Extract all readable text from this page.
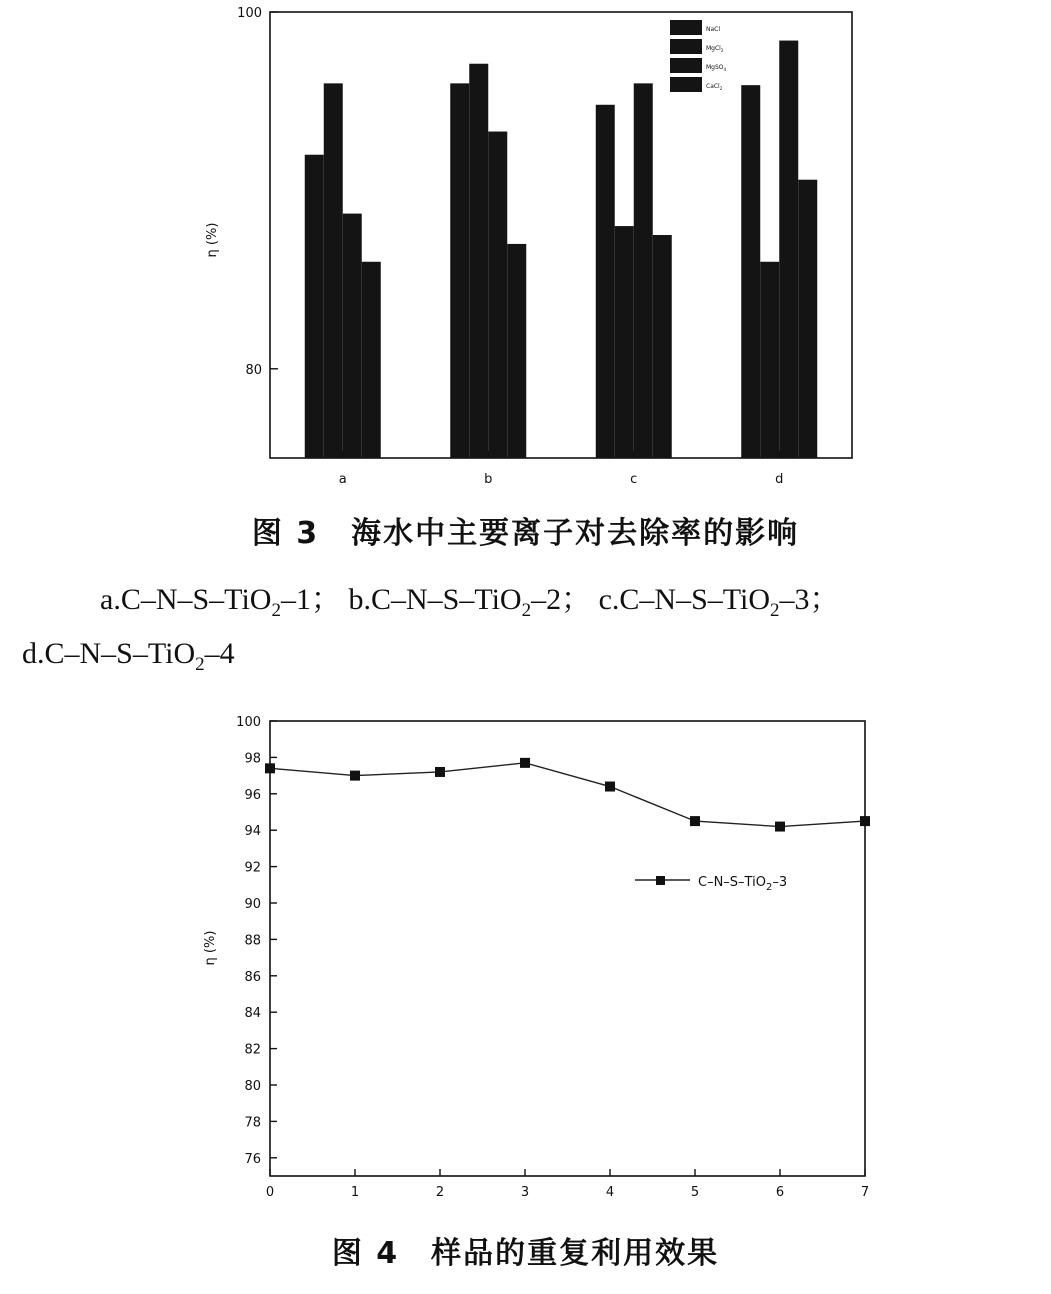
80
100
a	b	c	d
η (%)
NaCl
MgCl$_2$
MgSO$_4$
CaCl$_2$
76
78
80
82
84
86
88
90
92
94
96
98
100
0	1	2	3	4	5	6	7
η (%)
C–N–S–TiO$_2$–3
图 3　海水中主要离子对去除率的影响
a.C–N–S–TiO$_2$–1； b.C–N–S–TiO$_2$–2； c.C–N–S–TiO$_2$–3；
d.C–N–S–TiO$_2$–4
图 4　样品的重复利用效果
